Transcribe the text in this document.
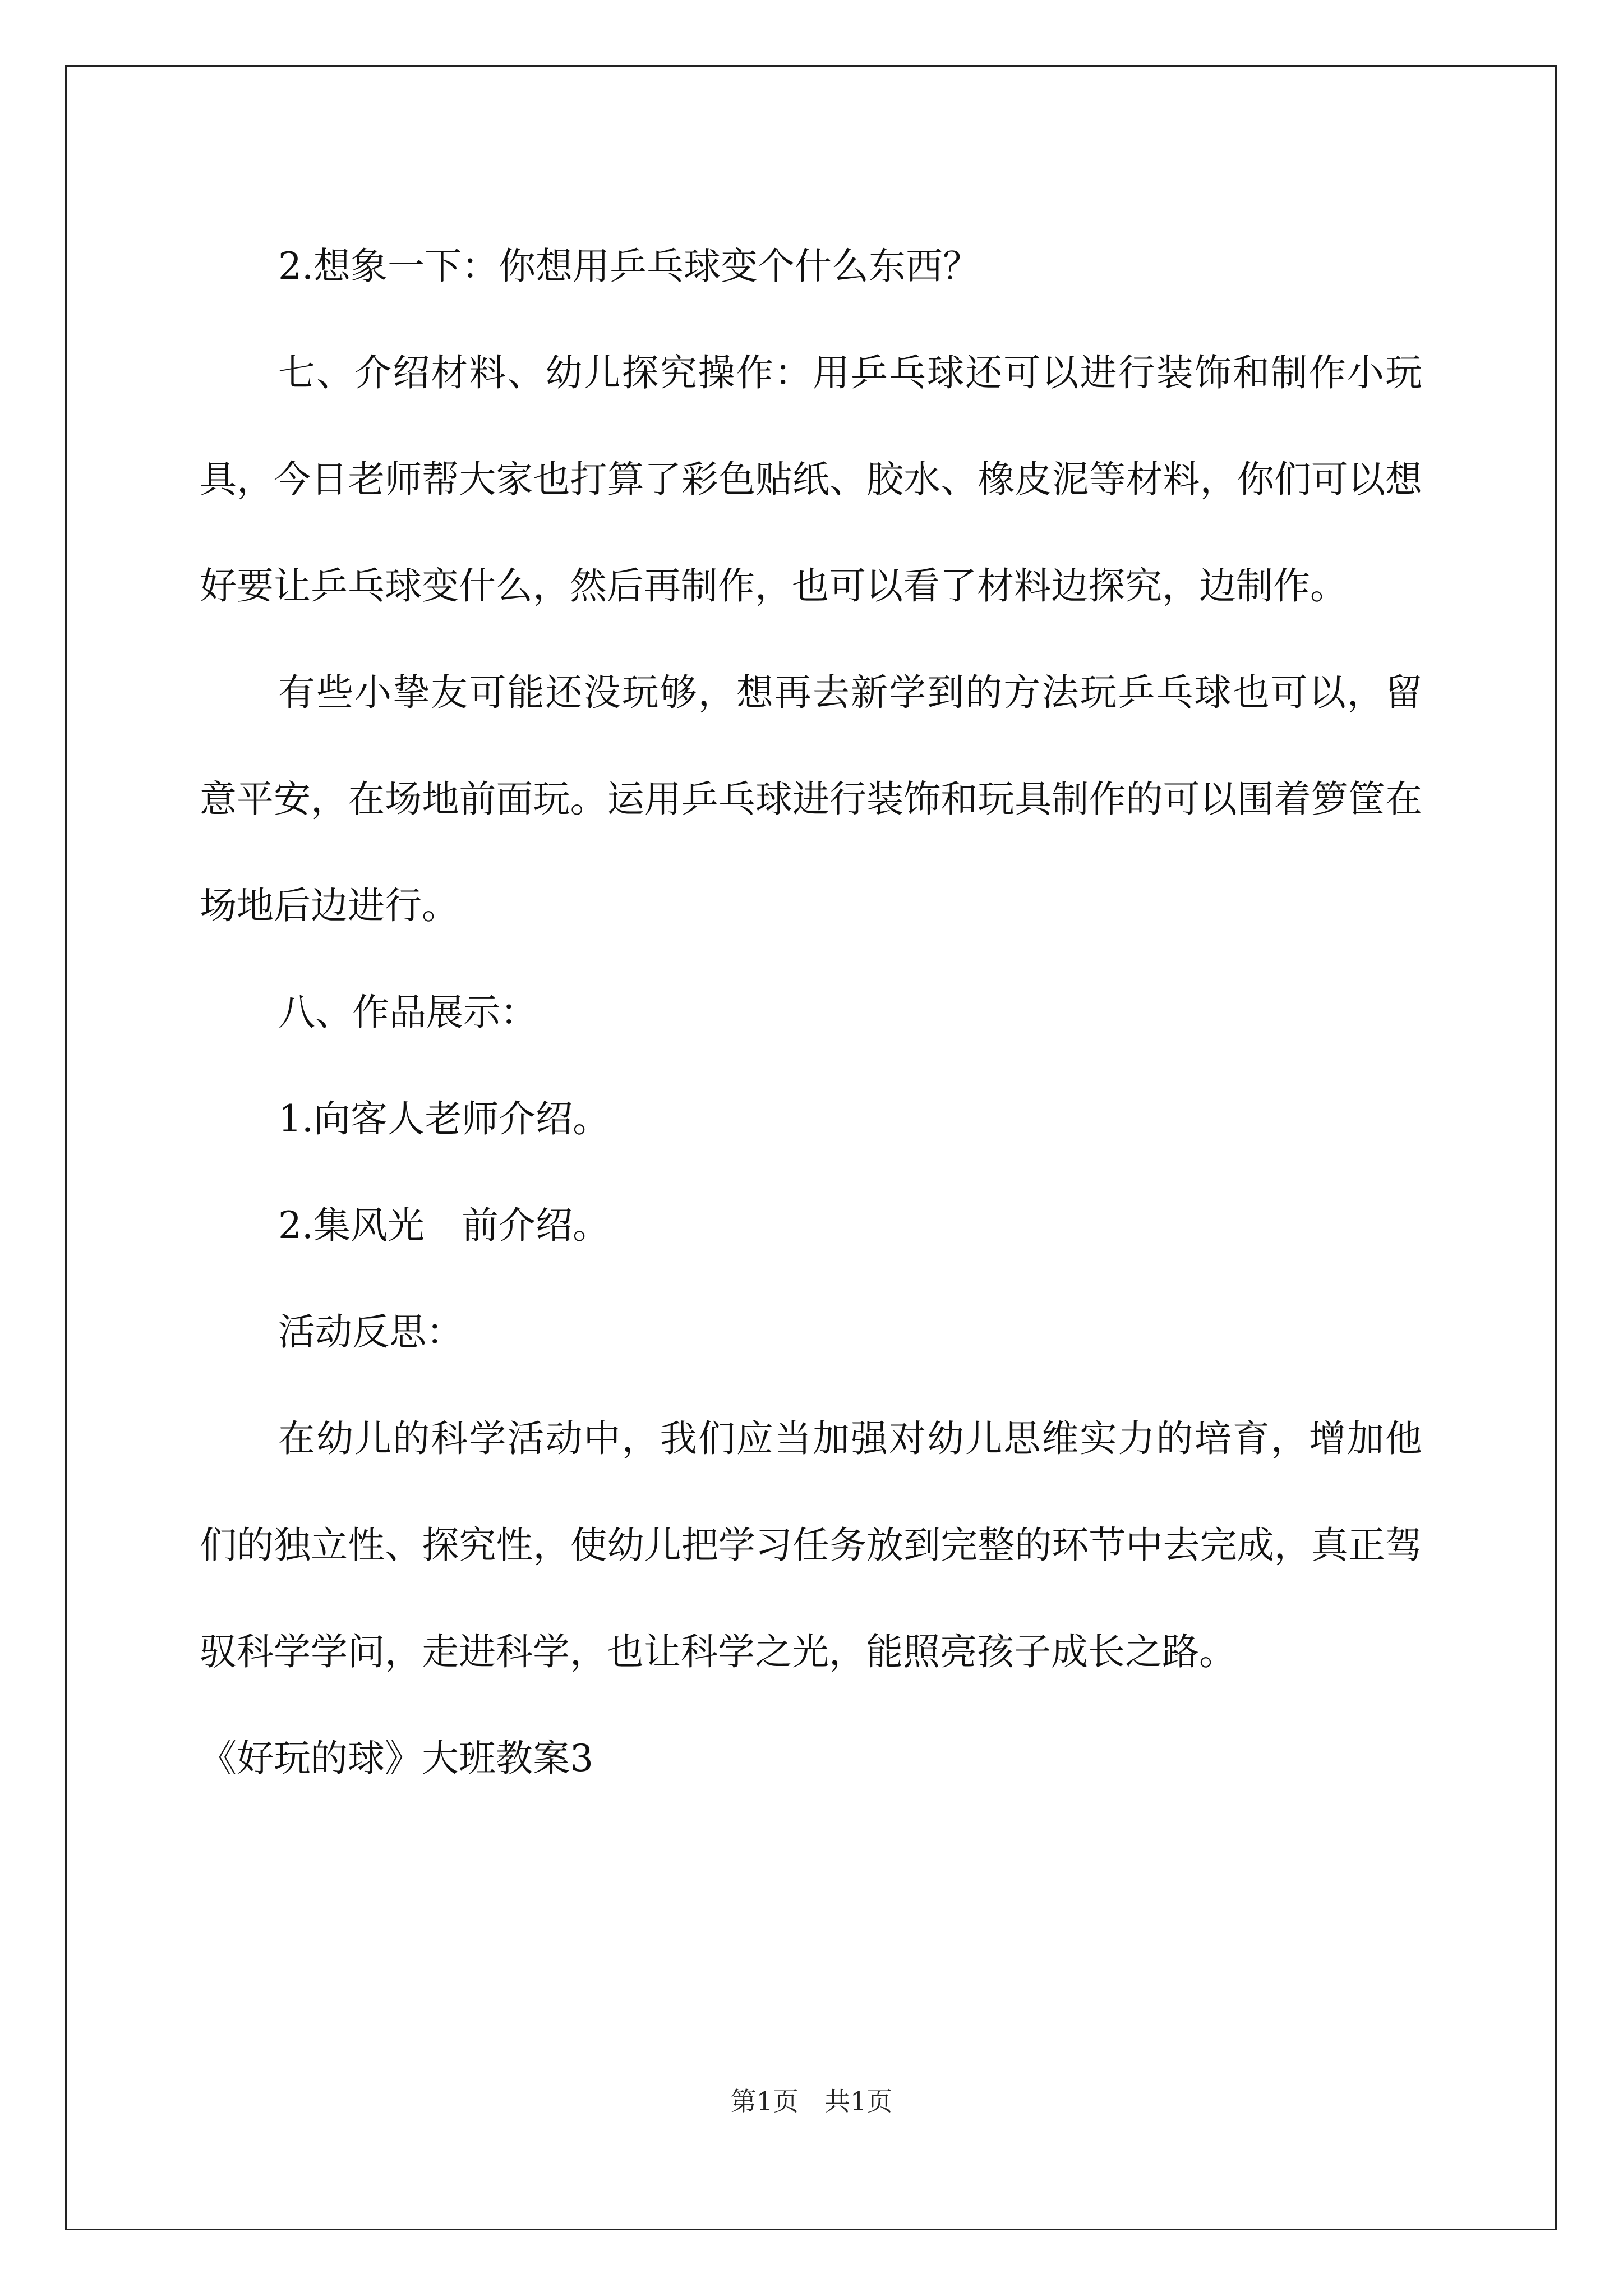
2.想象一下：你想用乒乓球变个什么东西？

七、介绍材料、幼儿探究操作：用乒乓球还可以进行装饰和制作小玩具，今日老师帮大家也打算了彩色贴纸、胶水、橡皮泥等材料，你们可以想好要让乒乓球变什么，然后再制作，也可以看了材料边探究，边制作。

有些小挚友可能还没玩够，想再去新学到的方法玩乒乓球也可以，留意平安，在场地前面玩。运用乒乓球进行装饰和玩具制作的可以围着箩筐在场地后边进行。

八、作品展示：

1.向客人老师介绍。

2.集风光　前介绍。

活动反思：

在幼儿的科学活动中，我们应当加强对幼儿思维实力的培育，增加他们的独立性、探究性，使幼儿把学习任务放到完整的环节中去完成，真正驾驭科学学问，走进科学，也让科学之光，能照亮孩子成长之路。

《好玩的球》大班教案3

第1页　共1页
